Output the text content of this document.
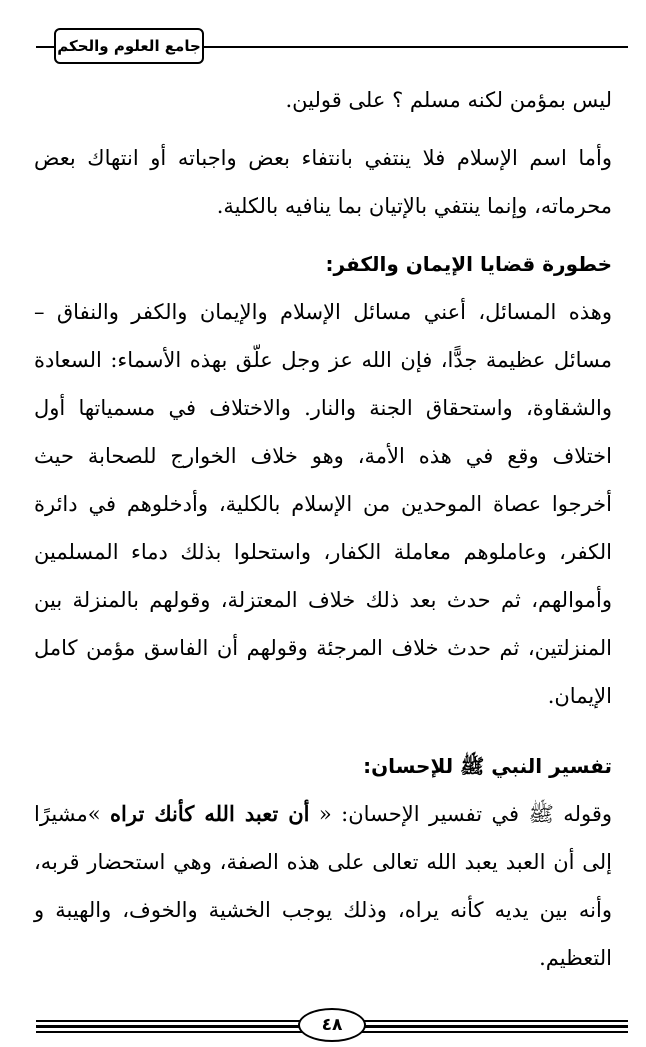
جامع العلوم والحكم

ليس بمؤمن لكنه مسلم ؟ على قولين.

وأما اسم الإسلام فلا ينتفي بانتفاء بعض واجباته أو انتهاك بعض محرماته، وإنما ينتفي بالإتيان بما ينافيه بالكلية.

خطورة قضايا الإيمان والكفر:

وهذه المسائل، أعني مسائل الإسلام والإيمان والكفر والنفاق – مسائل عظيمة جدًّا، فإن الله عز وجل علّق بهذه الأسماء: السعادة والشقاوة، واستحقاق الجنة والنار. والاختلاف في مسمياتها أول اختلاف وقع في هذه الأمة، وهو خلاف الخوارج للصحابة حيث أخرجوا عصاة الموحدين من الإسلام بالكلية، وأدخلوهم في دائرة الكفر، وعاملوهم معاملة الكفار، واستحلوا بذلك دماء المسلمين وأموالهم، ثم حدث بعد ذلك خلاف المعتزلة، وقولهم بالمنزلة بين المنزلتين، ثم حدث خلاف المرجئة وقولهم أن الفاسق مؤمن كامل الإيمان.

تفسير النبي ﷺ للإحسان:

وقوله ﷺ في تفسير الإحسان: « أن تعبد الله كأنك تراه »مشيرًا إلى أن العبد يعبد الله تعالى على هذه الصفة، وهي استحضار قربه، وأنه بين يديه كأنه يراه، وذلك يوجب الخشية والخوف، والهيبة و التعظيم.

٤٨
